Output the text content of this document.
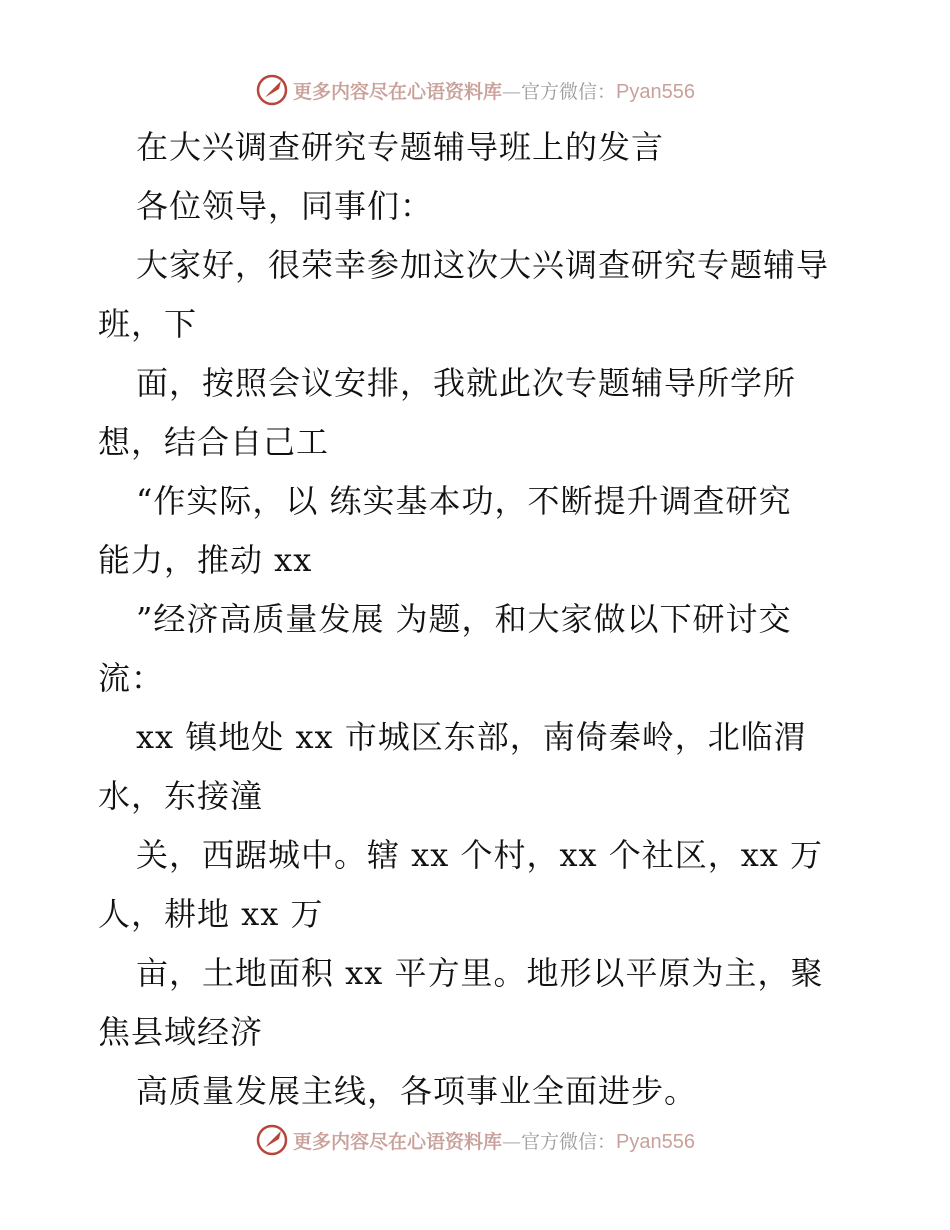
更多内容尽在心语资料库—官方微信：Pyan556
在大兴调查研究专题辅导班上的发言
各位领导，同事们：
大家好，很荣幸参加这次大兴调查研究专题辅导
班，下
面，按照会议安排，我就此次专题辅导所学所
想，结合自己工
“作实际，以 练实基本功，不断提升调查研究
能力，推动 xx
”经济高质量发展 为题，和大家做以下研讨交
流：
xx 镇地处 xx 市城区东部，南倚秦岭，北临渭
水，东接潼
关，西踞城中。辖 xx 个村，xx 个社区，xx 万
人，耕地 xx 万
亩，土地面积 xx 平方里。地形以平原为主，聚
焦县域经济
高质量发展主线，各项事业全面进步。
更多内容尽在心语资料库—官方微信：Pyan556
